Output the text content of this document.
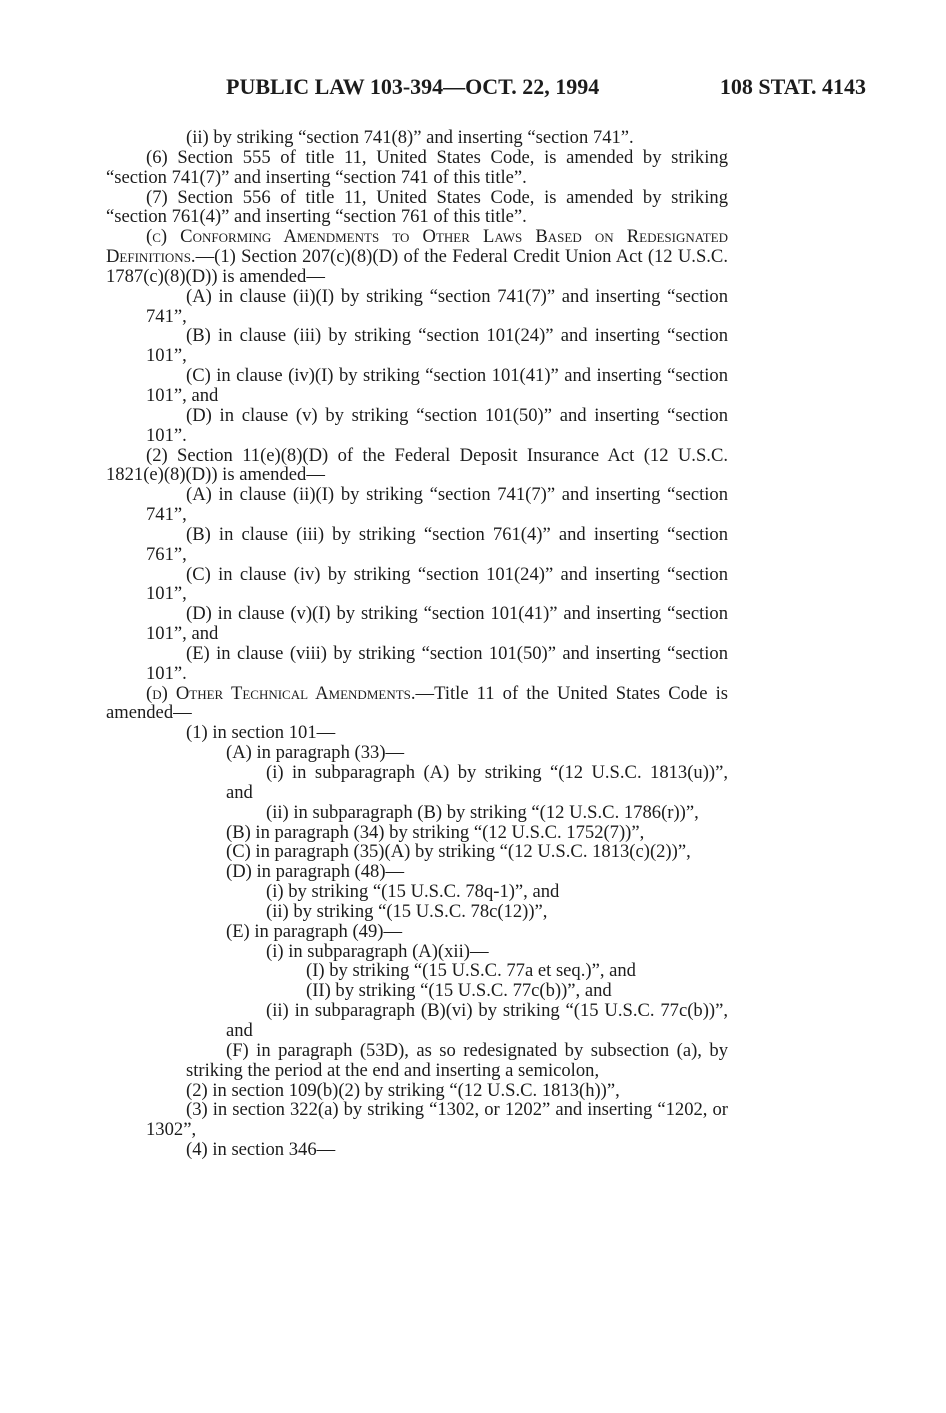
PUBLIC LAW 103-394—OCT. 22, 1994	108 STAT. 4143

(ii) by striking “section 741(8)” and inserting “section 741”.

(6) Section 555 of title 11, United States Code, is amended by striking “section 741(7)” and inserting “section 741 of this title”.

(7) Section 556 of title 11, United States Code, is amended by striking “section 761(4)” and inserting “section 761 of this title”.

(c) Conforming Amendments to Other Laws Based on Redesignated Definitions.—(1) Section 207(c)(8)(D) of the Federal Credit Union Act (12 U.S.C. 1787(c)(8)(D)) is amended—

(A) in clause (ii)(I) by striking “section 741(7)” and inserting “section 741”,

(B) in clause (iii) by striking “section 101(24)” and inserting “section 101”,

(C) in clause (iv)(I) by striking “section 101(41)” and inserting “section 101”, and

(D) in clause (v) by striking “section 101(50)” and inserting “section 101”.

(2) Section 11(e)(8)(D) of the Federal Deposit Insurance Act (12 U.S.C. 1821(e)(8)(D)) is amended—

(A) in clause (ii)(I) by striking “section 741(7)” and inserting “section 741”,

(B) in clause (iii) by striking “section 761(4)” and inserting “section 761”,

(C) in clause (iv) by striking “section 101(24)” and inserting “section 101”,

(D) in clause (v)(I) by striking “section 101(41)” and inserting “section 101”, and

(E) in clause (viii) by striking “section 101(50)” and inserting “section 101”.

(d) Other Technical Amendments.—Title 11 of the United States Code is amended—

(1) in section 101—

(A) in paragraph (33)—

(i) in subparagraph (A) by striking “(12 U.S.C. 1813(u))”, and

(ii) in subparagraph (B) by striking “(12 U.S.C. 1786(r))”,

(B) in paragraph (34) by striking “(12 U.S.C. 1752(7))”,

(C) in paragraph (35)(A) by striking “(12 U.S.C. 1813(c)(2))”,

(D) in paragraph (48)—

(i) by striking “(15 U.S.C. 78q-1)”, and

(ii) by striking “(15 U.S.C. 78c(12))”,

(E) in paragraph (49)—

(i) in subparagraph (A)(xii)—

(I) by striking “(15 U.S.C. 77a et seq.)”, and

(II) by striking “(15 U.S.C. 77c(b))”, and

(ii) in subparagraph (B)(vi) by striking “(15 U.S.C. 77c(b))”, and

(F) in paragraph (53D), as so redesignated by subsection (a), by striking the period at the end and inserting a semicolon,

(2) in section 109(b)(2) by striking “(12 U.S.C. 1813(h))”,

(3) in section 322(a) by striking “1302, or 1202” and inserting “1202, or 1302”,

(4) in section 346—
